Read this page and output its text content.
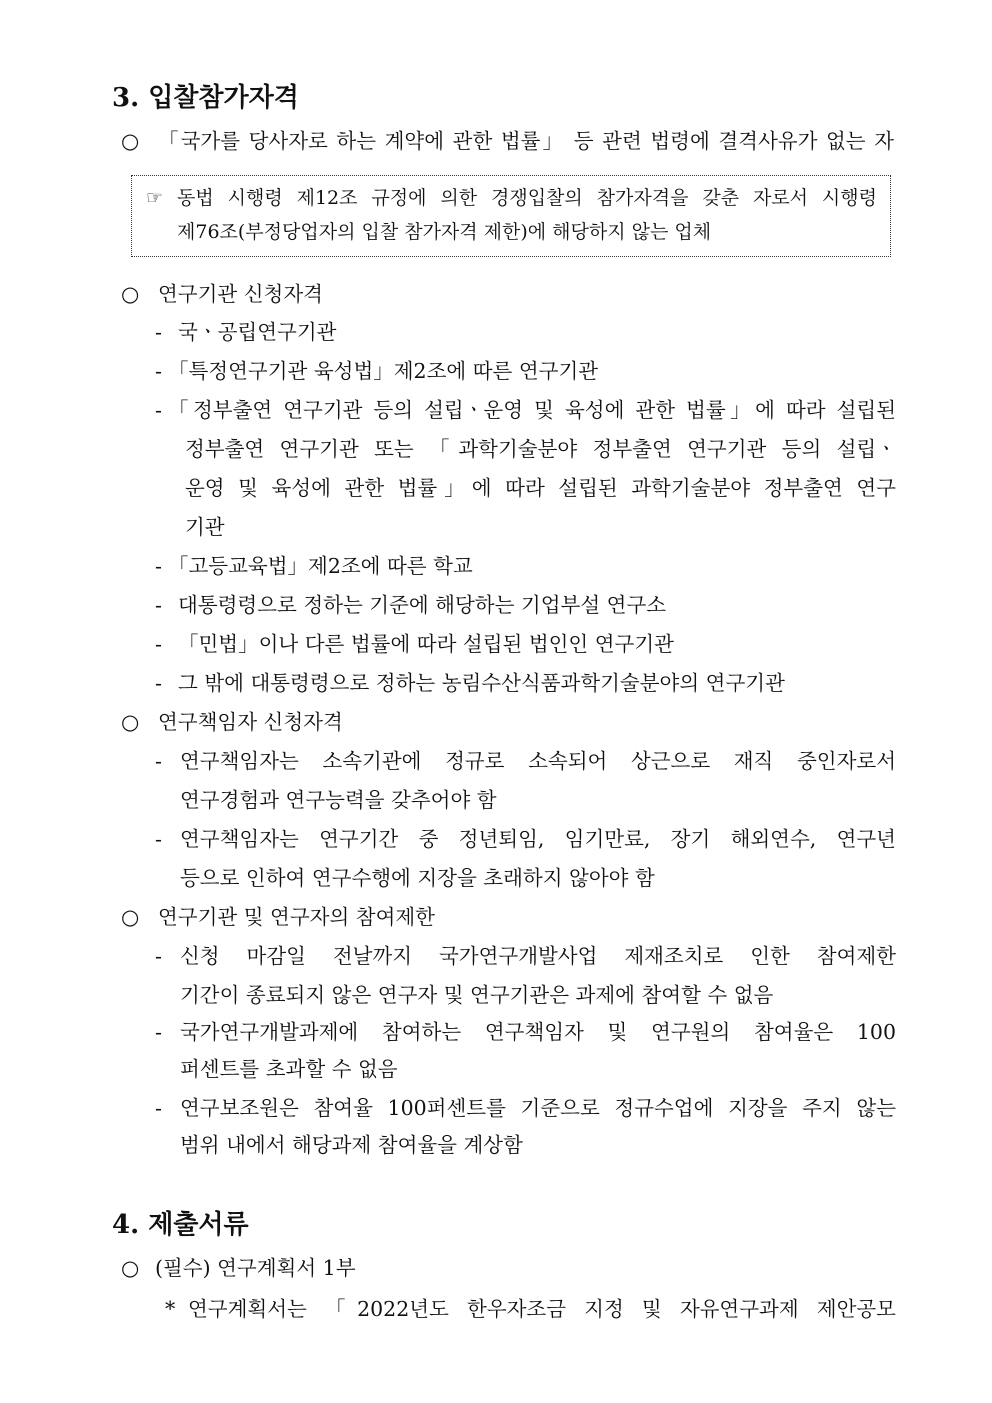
3. 입찰참가자격
○ 「국가를 당사자로 하는 계약에 관한 법률」 등 관련 법령에 결격사유가 없는 자
☞ 동법 시행령 제12조 규정에 의한 경쟁입찰의 참가자격을 갖춘 자로서 시행령
제76조(부정당업자의 입찰 참가자격 제한)에 해당하지 않는 업체
○ 연구기관 신청자격
- 국ㆍ공립연구기관
- 「특정연구기관 육성법」제2조에 따른 연구기관
- 「정부출연 연구기관 등의 설립ㆍ운영 및 육성에 관한 법률」에 따라 설립된
정부출연 연구기관 또는 「과학기술분야 정부출연 연구기관 등의 설립ㆍ
운영 및 육성에 관한 법률」에 따라 설립된 과학기술분야 정부출연 연구
기관
- 「고등교육법」제2조에 따른 학교
- 대통령령으로 정하는 기준에 해당하는 기업부설 연구소
- 「민법」이나 다른 법률에 따라 설립된 법인인 연구기관
- 그 밖에 대통령령으로 정하는 농림수산식품과학기술분야의 연구기관
○ 연구책임자 신청자격
- 연구책임자는 소속기관에 정규로 소속되어 상근으로 재직 중인자로서
연구경험과 연구능력을 갖추어야 함
- 연구책임자는 연구기간 중 정년퇴임, 임기만료, 장기 해외연수, 연구년
등으로 인하여 연구수행에 지장을 초래하지 않아야 함
○ 연구기관 및 연구자의 참여제한
- 신청 마감일 전날까지 국가연구개발사업 제재조치로 인한 참여제한
기간이 종료되지 않은 연구자 및 연구기관은 과제에 참여할 수 없음
- 국가연구개발과제에 참여하는 연구책임자 및 연구원의 참여율은 100
퍼센트를 초과할 수 없음
- 연구보조원은 참여율 100퍼센트를 기준으로 정규수업에 지장을 주지 않는
범위 내에서 해당과제 참여율을 계상함
4. 제출서류
○ (필수) 연구계획서 1부
* 연구계획서는 「2022년도 한우자조금 지정 및 자유연구과제 제안공모
